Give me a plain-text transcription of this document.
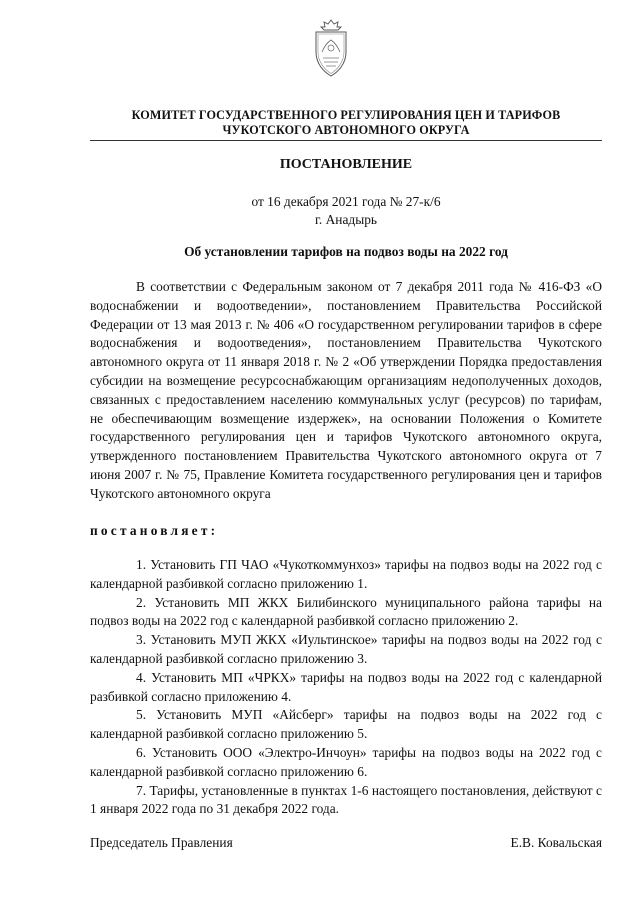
КОМИТЕТ ГОСУДАРСТВЕННОГО РЕГУЛИРОВАНИЯ ЦЕН И ТАРИФОВ
ЧУКОТСКОГО АВТОНОМНОГО ОКРУГА
ПОСТАНОВЛЕНИЕ
от 16 декабря 2021 года № 27-к/6
г. Анадырь
Об установлении тарифов на подвоз воды на 2022 год

В соответствии с Федеральным законом от 7 декабря 2011 года № 416-ФЗ «О водоснабжении и водоотведении», постановлением Правительства Российской Федерации от 13 мая 2013 г. № 406 «О государственном регулировании тарифов в сфере водоснабжения и водоотведения», постановлением Правительства Чукотского автономного округа от 11 января 2018 г. № 2 «Об утверждении Порядка предоставления субсидии на возмещение ресурсоснабжающим организациям недополученных доходов, связанных с предоставлением населению коммунальных услуг (ресурсов) по тарифам, не обеспечивающим возмещение издержек», на основании Положения о Комитете государственного регулирования цен и тарифов Чукотского автономного округа, утвержденного постановлением Правительства Чукотского автономного округа от 7 июня 2007 г. № 75, Правление Комитета государственного регулирования цен и тарифов Чукотского автономного округа

постановляет:
1. Установить ГП ЧАО «Чукоткоммунхоз» тарифы на подвоз воды на 2022 год с календарной разбивкой согласно приложению 1.
2. Установить МП ЖКХ Билибинского муниципального района тарифы на подвоз воды на 2022 год с календарной разбивкой согласно приложению 2.
3. Установить МУП ЖКХ «Иультинское» тарифы на подвоз воды на 2022 год с календарной разбивкой согласно приложению 3.
4. Установить МП «ЧРКХ» тарифы на подвоз воды на 2022 год с календарной разбивкой согласно приложению 4.
5. Установить МУП «Айсберг» тарифы на подвоз воды на 2022 год с календарной разбивкой согласно приложению 5.
6. Установить ООО «Электро-Инчоун» тарифы на подвоз воды на 2022 год с календарной разбивкой согласно приложению 6.
7. Тарифы, установленные в пунктах 1-6 настоящего постановления, действуют с 1 января 2022 года по 31 декабря 2022 года.
Председатель Правления	Е.В. Ковальская
